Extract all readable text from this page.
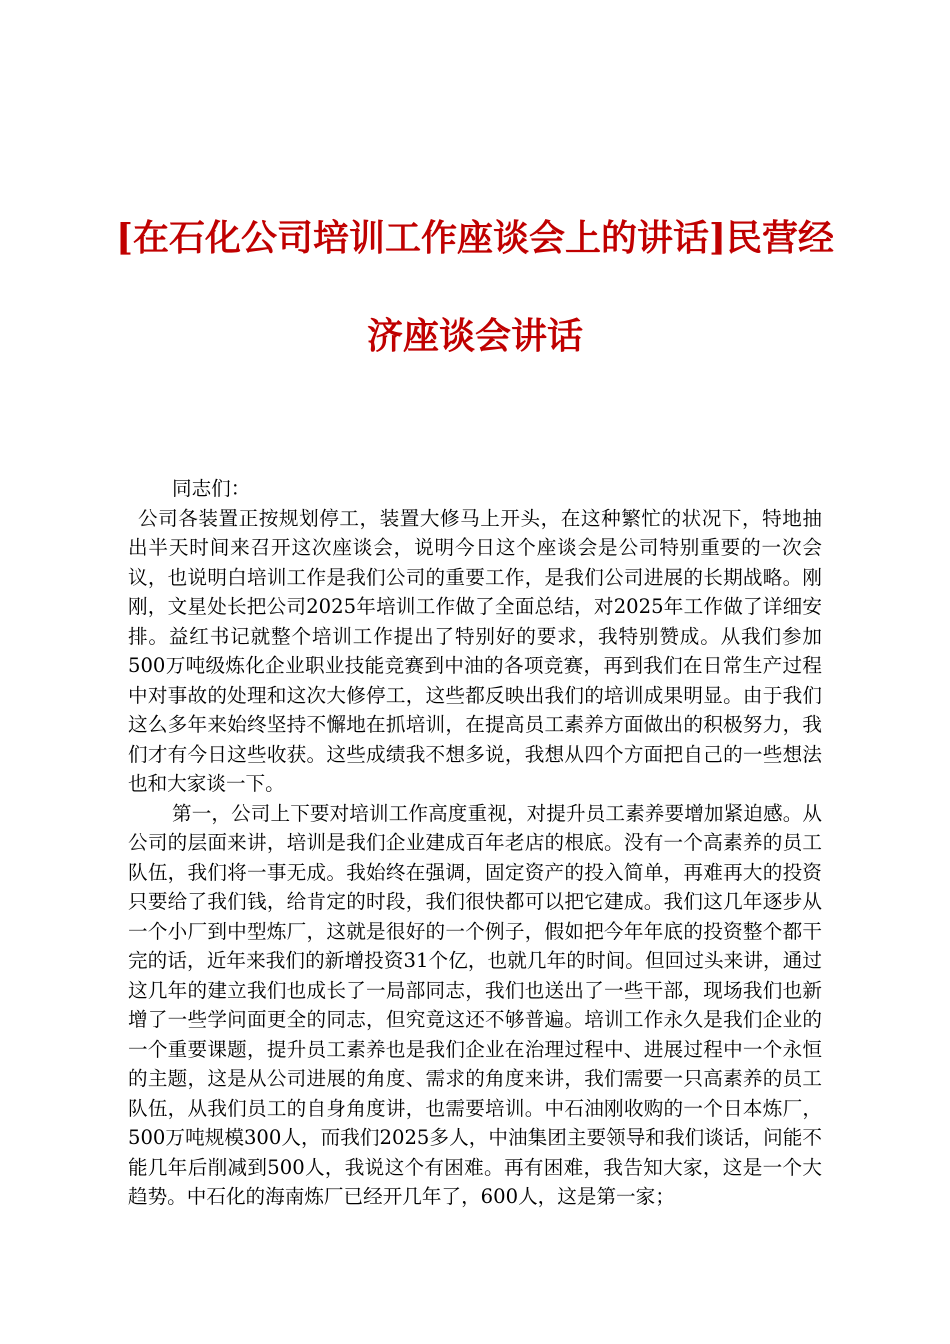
[在石化公司培训工作座谈会上的讲话]民营经
济座谈会讲话

同志们：

公司各装置正按规划停工，装置大修马上开头，在这种繁忙的状况下，特地抽出半天时间来召开这次座谈会，说明今日这个座谈会是公司特别重要的一次会议，也说明白培训工作是我们公司的重要工作，是我们公司进展的长期战略。刚刚，文星处长把公司2025年培训工作做了全面总结，对2025年工作做了详细安排。益红书记就整个培训工作提出了特别好的要求，我特别赞成。从我们参加500万吨级炼化企业职业技能竞赛到中油的各项竞赛，再到我们在日常生产过程中对事故的处理和这次大修停工，这些都反映出我们的培训成果明显。由于我们这么多年来始终坚持不懈地在抓培训，在提高员工素养方面做出的积极努力，我们才有今日这些收获。这些成绩我不想多说，我想从四个方面把自己的一些想法也和大家谈一下。

第一，公司上下要对培训工作高度重视，对提升员工素养要增加紧迫感。从公司的层面来讲，培训是我们企业建成百年老店的根底。没有一个高素养的员工队伍，我们将一事无成。我始终在强调，固定资产的投入简单，再难再大的投资只要给了我们钱，给肯定的时段，我们很快都可以把它建成。我们这几年逐步从一个小厂到中型炼厂，这就是很好的一个例子，假如把今年年底的投资整个都干完的话，近年来我们的新增投资31个亿，也就几年的时间。但回过头来讲，通过这几年的建立我们也成长了一局部同志，我们也送出了一些干部，现场我们也新增了一些学问面更全的同志，但究竟这还不够普遍。培训工作永久是我们企业的一个重要课题，提升员工素养也是我们企业在治理过程中、进展过程中一个永恒的主题，这是从公司进展的角度、需求的角度来讲，我们需要一只高素养的员工队伍，从我们员工的自身角度讲，也需要培训。中石油刚收购的一个日本炼厂，500万吨规模300人，而我们2025多人，中油集团主要领导和我们谈话，问能不能几年后削减到500人，我说这个有困难。再有困难，我告知大家，这是一个大趋势。中石化的海南炼厂已经开几年了，600人，这是第一家；
